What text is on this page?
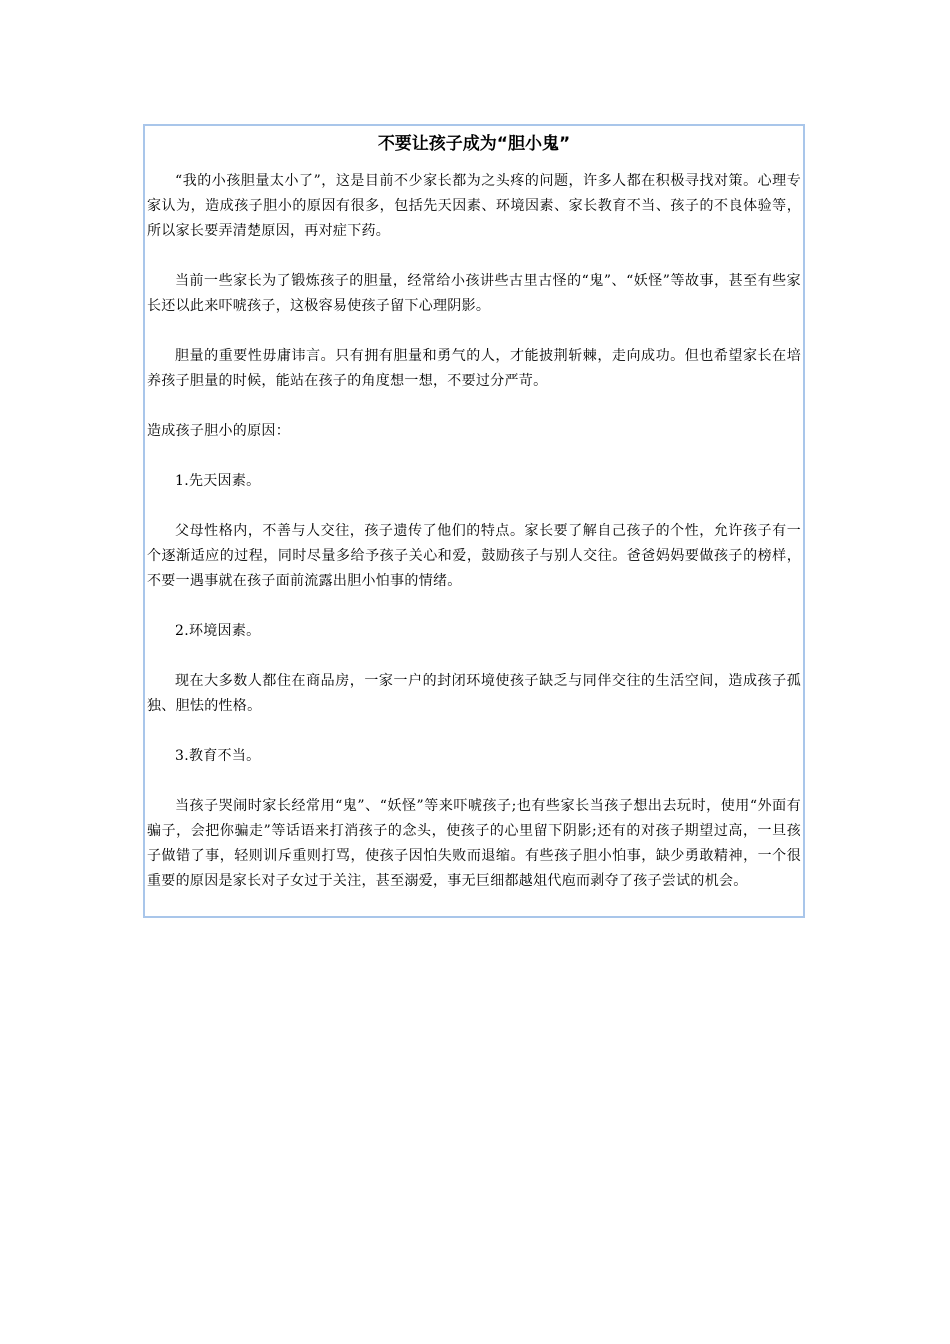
不要让孩子成为“胆小鬼”

“我的小孩胆量太小了”，这是目前不少家长都为之头疼的问题，许多人都在积极寻找对策。心理专家认为，造成孩子胆小的原因有很多，包括先天因素、环境因素、家长教育不当、孩子的不良体验等，所以家长要弄清楚原因，再对症下药。

当前一些家长为了锻炼孩子的胆量，经常给小孩讲些古里古怪的“鬼”、“妖怪”等故事，甚至有些家长还以此来吓唬孩子，这极容易使孩子留下心理阴影。

胆量的重要性毋庸讳言。只有拥有胆量和勇气的人，才能披荆斩棘，走向成功。但也希望家长在培养孩子胆量的时候，能站在孩子的角度想一想，不要过分严苛。

造成孩子胆小的原因：

1.先天因素。

父母性格内，不善与人交往，孩子遗传了他们的特点。家长要了解自己孩子的个性，允许孩子有一个逐渐适应的过程，同时尽量多给予孩子关心和爱，鼓励孩子与别人交往。爸爸妈妈要做孩子的榜样，不要一遇事就在孩子面前流露出胆小怕事的情绪。

2.环境因素。

现在大多数人都住在商品房，一家一户的封闭环境使孩子缺乏与同伴交往的生活空间，造成孩子孤独、胆怯的性格。

3.教育不当。

当孩子哭闹时家长经常用“鬼”、“妖怪”等来吓唬孩子;也有些家长当孩子想出去玩时，使用“外面有骗子，会把你骗走”等话语来打消孩子的念头，使孩子的心里留下阴影;还有的对孩子期望过高，一旦孩子做错了事，轻则训斥重则打骂，使孩子因怕失败而退缩。有些孩子胆小怕事，缺少勇敢精神，一个很重要的原因是家长对子女过于关注，甚至溺爱，事无巨细都越俎代庖而剥夺了孩子尝试的机会。
